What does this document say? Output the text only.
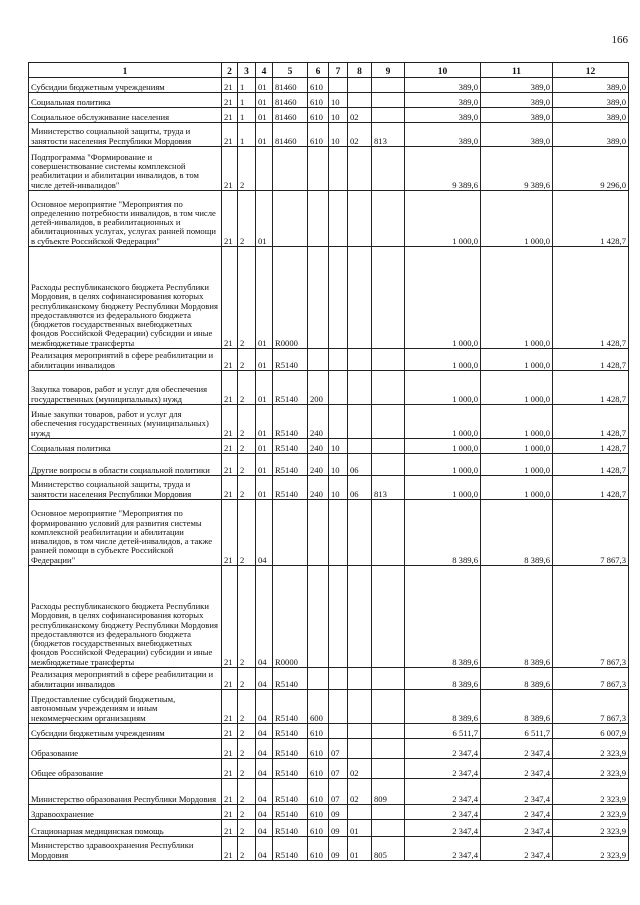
166
1	2	3	4	5	6	7	8	9	10	11	12
Субсидии бюджетным учреждениям	21	1	01	81460	610				389,0	389,0	389,0
Социальная политика	21	1	01	81460	610	10			389,0	389,0	389,0
Социальное обслуживание населения	21	1	01	81460	610	10	02		389,0	389,0	389,0
Министерство социальной защиты, труда и занятости населения Республики Мордовия	21	1	01	81460	610	10	02	813	389,0	389,0	389,0
Подпрограмма "Формирование и совершенствование системы комплексной реабилитации и абилитации инвалидов, в том числе детей-инвалидов"	21	2							9 389,6	9 389,6	9 296,0
Основное мероприятие "Мероприятия по определению потребности инвалидов, в том числе детей-инвалидов, в реабилитационных и абилитационных услугах, услугах ранней помощи в субъекте Российской Федерации"	21	2	01						1 000,0	1 000,0	1 428,7
Расходы республиканского бюджета Республики Мордовия, в целях софинансирования которых республиканскому бюджету Республики Мордовия предоставляются из федерального бюджета (бюджетов государственных внебюджетных фондов Российской Федерации) субсидии и иные межбюджетные трансферты	21	2	01	R0000					1 000,0	1 000,0	1 428,7
Реализация мероприятий в сфере реабилитации и абилитации инвалидов	21	2	01	R5140					1 000,0	1 000,0	1 428,7
Закупка товаров, работ и услуг для обеспечения государственных (муниципальных) нужд	21	2	01	R5140	200				1 000,0	1 000,0	1 428,7
Иные закупки товаров, работ и услуг для обеспечения государственных (муниципальных) нужд	21	2	01	R5140	240				1 000,0	1 000,0	1 428,7
Социальная политика	21	2	01	R5140	240	10			1 000,0	1 000,0	1 428,7
Другие вопросы в области социальной политики	21	2	01	R5140	240	10	06		1 000,0	1 000,0	1 428,7
Министерство социальной защиты, труда и занятости населения Республики Мордовия	21	2	01	R5140	240	10	06	813	1 000,0	1 000,0	1 428,7
Основное мероприятие "Мероприятия по формированию условий для развития системы комплексной реабилитации и абилитации инвалидов, в том числе детей-инвалидов, а также ранней помощи в субъекте Российской Федерации"	21	2	04						8 389,6	8 389,6	7 867,3
Расходы республиканского бюджета Республики Мордовия, в целях софинансирования которых республиканскому бюджету Республики Мордовия предоставляются из федерального бюджета (бюджетов государственных внебюджетных фондов Российской Федерации) субсидии и иные межбюджетные трансферты	21	2	04	R0000					8 389,6	8 389,6	7 867,3
Реализация мероприятий в сфере реабилитации и абилитации инвалидов	21	2	04	R5140					8 389,6	8 389,6	7 867,3
Предоставление субсидий бюджетным, автономным учреждениям и иным некоммерческим организациям	21	2	04	R5140	600				8 389,6	8 389,6	7 867,3
Субсидии бюджетным учреждениям	21	2	04	R5140	610				6 511,7	6 511,7	6 007,9
Образование	21	2	04	R5140	610	07			2 347,4	2 347,4	2 323,9
Общее образование	21	2	04	R5140	610	07	02		2 347,4	2 347,4	2 323,9
Министерство образования Республики Мордовия	21	2	04	R5140	610	07	02	809	2 347,4	2 347,4	2 323,9
Здравоохранение	21	2	04	R5140	610	09			2 347,4	2 347,4	2 323,9
Стационарная медицинская помощь	21	2	04	R5140	610	09	01		2 347,4	2 347,4	2 323,9
Министерство здравоохранения Республики Мордовия	21	2	04	R5140	610	09	01	805	2 347,4	2 347,4	2 323,9
